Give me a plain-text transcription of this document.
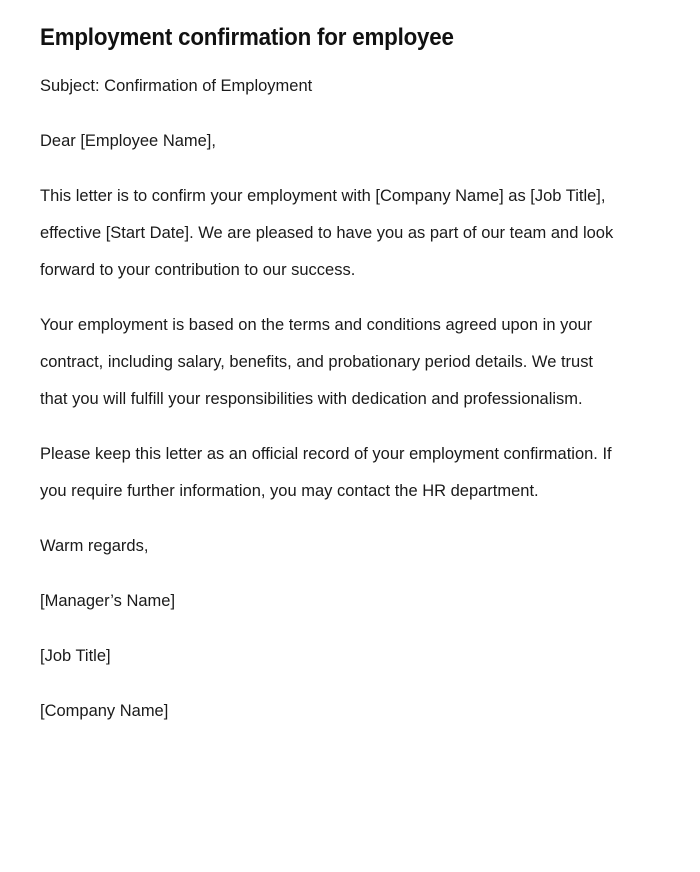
Employment confirmation for employee

Subject: Confirmation of Employment

Dear [Employee Name],

This letter is to confirm your employment with [Company Name] as [Job Title], effective [Start Date]. We are pleased to have you as part of our team and look forward to your contribution to our success.

Your employment is based on the terms and conditions agreed upon in your contract, including salary, benefits, and probationary period details. We trust that you will fulfill your responsibilities with dedication and professionalism.

Please keep this letter as an official record of your employment confirmation. If you require further information, you may contact the HR department.

Warm regards,

[Manager’s Name]

[Job Title]

[Company Name]
